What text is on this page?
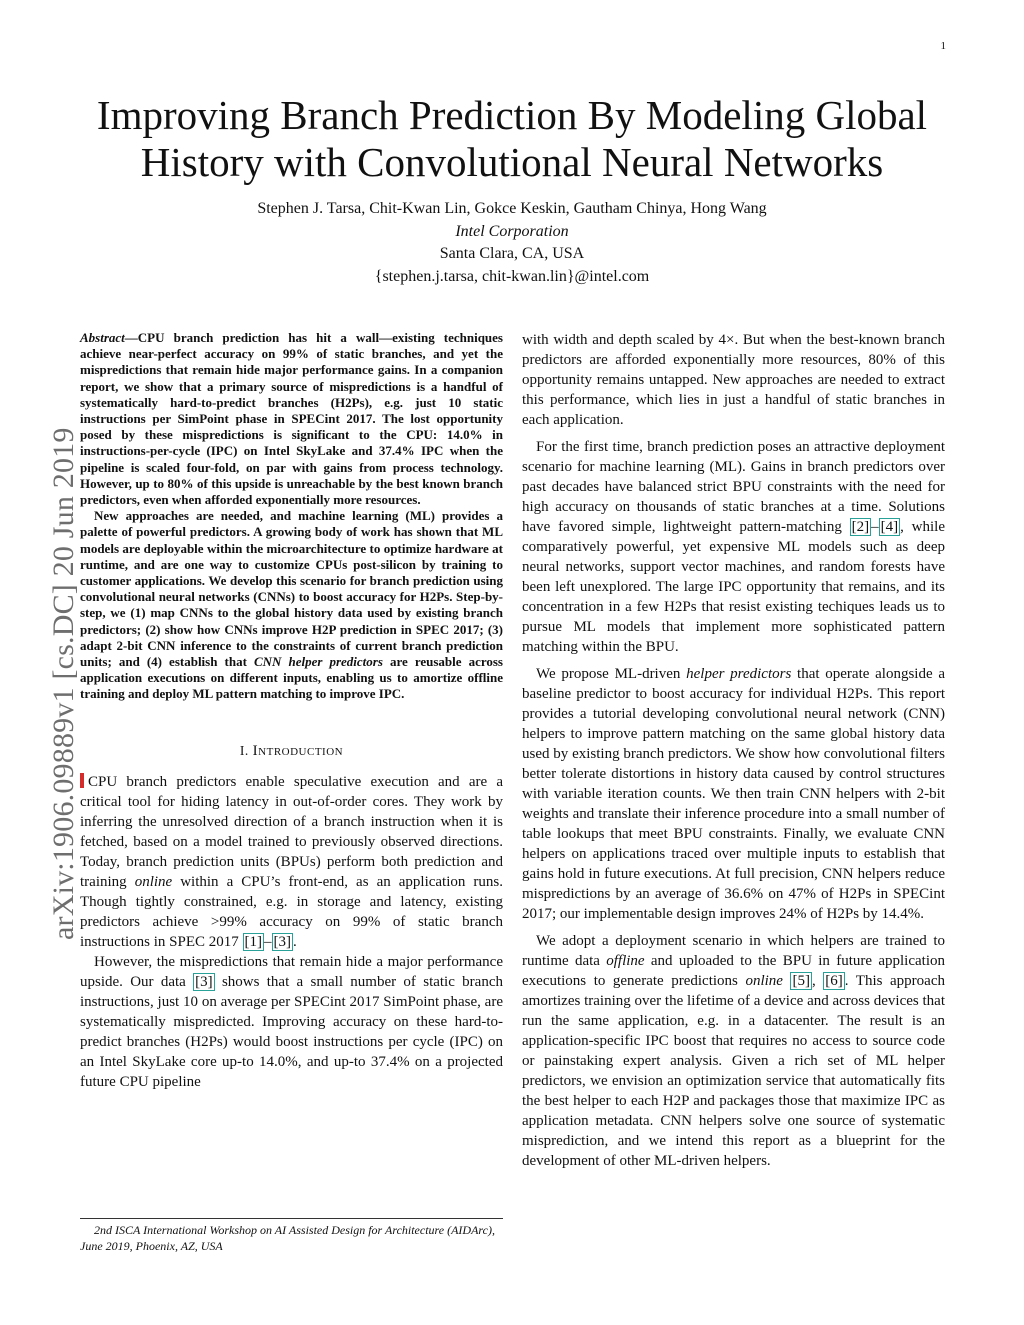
1
arXiv:1906.09889v1 [cs.DC] 20 Jun 2019
Improving Branch Prediction By Modeling Global
History with Convolutional Neural Networks
Stephen J. Tarsa, Chit-Kwan Lin, Gokce Keskin, Gautham Chinya, Hong Wang
Intel Corporation
Santa Clara, CA, USA
{stephen.j.tarsa, chit-kwan.lin}@intel.com

Abstract—CPU branch prediction has hit a wall—existing techniques achieve near-perfect accuracy on 99% of static branches, and yet the mispredictions that remain hide major performance gains. In a companion report, we show that a primary source of mispredictions is a handful of systematically hard-to-predict branches (H2Ps), e.g. just 10 static instructions per SimPoint phase in SPECint 2017. The lost opportunity posed by these mispredictions is significant to the CPU: 14.0% in instructions-per-cycle (IPC) on Intel SkyLake and 37.4% IPC when the pipeline is scaled four-fold, on par with gains from process technology. However, up to 80% of this upside is unreachable by the best known branch predictors, even when afforded exponentially more resources.

New approaches are needed, and machine learning (ML) provides a palette of powerful predictors. A growing body of work has shown that ML models are deployable within the microarchitecture to optimize hardware at runtime, and are one way to customize CPUs post-silicon by training to customer applications. We develop this scenario for branch prediction using convolutional neural networks (CNNs) to boost accuracy for H2Ps. Step-by-step, we (1) map CNNs to the global history data used by existing branch predictors; (2) show how CNNs improve H2P prediction in SPEC 2017; (3) adapt 2-bit CNN inference to the constraints of current branch prediction units; and (4) establish that CNN helper predictors are reusable across application executions on different inputs, enabling us to amortize offline training and deploy ML pattern matching to improve IPC.

I. Introduction

CPU branch predictors enable speculative execution and are a critical tool for hiding latency in out-of-order cores. They work by inferring the unresolved direction of a branch instruction when it is fetched, based on a model trained to previously observed directions. Today, branch prediction units (BPUs) perform both prediction and training online within a CPU’s front-end, as an application runs. Though tightly constrained, e.g. in storage and latency, existing predictors achieve >99% accuracy on 99% of static branch instructions in SPEC 2017 [1] – [3] .

However, the mispredictions that remain hide a major performance upside. Our data [3] shows that a small number of static branch instructions, just 10 on average per SPECint 2017 SimPoint phase, are systematically mispredicted. Improving accuracy on these hard-to-predict branches (H2Ps) would boost instructions per cycle (IPC) on an Intel SkyLake core up-to 14.0%, and up-to 37.4% on a projected future CPU pipeline

2nd ISCA International Workshop on AI Assisted Design for Architecture (AIDArc), June 2019, Phoenix, AZ, USA

with width and depth scaled by 4×. But when the best-known branch predictors are afforded exponentially more resources, 80% of this opportunity remains untapped. New approaches are needed to extract this performance, which lies in just a handful of static branches in each application.

For the first time, branch prediction poses an attractive deployment scenario for machine learning (ML). Gains in branch predictors over past decades have balanced strict BPU constraints with the need for high accuracy on thousands of static branches at a time. Solutions have favored simple, lightweight pattern-matching [2] – [4] , while comparatively powerful, yet expensive ML models such as deep neural networks, support vector machines, and random forests have been left unexplored. The large IPC opportunity that remains, and its concentration in a few H2Ps that resist existing techiques leads us to pursue ML models that implement more sophisticated pattern matching within the BPU.

We propose ML-driven helper predictors that operate alongside a baseline predictor to boost accuracy for individual H2Ps. This report provides a tutorial developing convolutional neural network (CNN) helpers to improve pattern matching on the same global history data used by existing branch predictors. We show how convolutional filters better tolerate distortions in history data caused by control structures with variable iteration counts. We then train CNN helpers with 2-bit weights and translate their inference procedure into a small number of table lookups that meet BPU constraints. Finally, we evaluate CNN helpers on applications traced over multiple inputs to establish that gains hold in future executions. At full precision, CNN helpers reduce mispredictions by an average of 36.6% on 47% of H2Ps in SPECint 2017; our implementable design improves 24% of H2Ps by 14.4%.

We adopt a deployment scenario in which helpers are trained to runtime data offline and uploaded to the BPU in future application executions to generate predictions online [5] , [6] . This approach amortizes training over the lifetime of a device and across devices that run the same application, e.g. in a datacenter. The result is an application-specific IPC boost that requires no access to source code or painstaking expert analysis. Given a rich set of ML helper predictors, we envision an optimization service that automatically fits the best helper to each H2P and packages those that maximize IPC as application metadata. CNN helpers solve one source of systematic misprediction, and we intend this report as a blueprint for the development of other ML-driven helpers.
